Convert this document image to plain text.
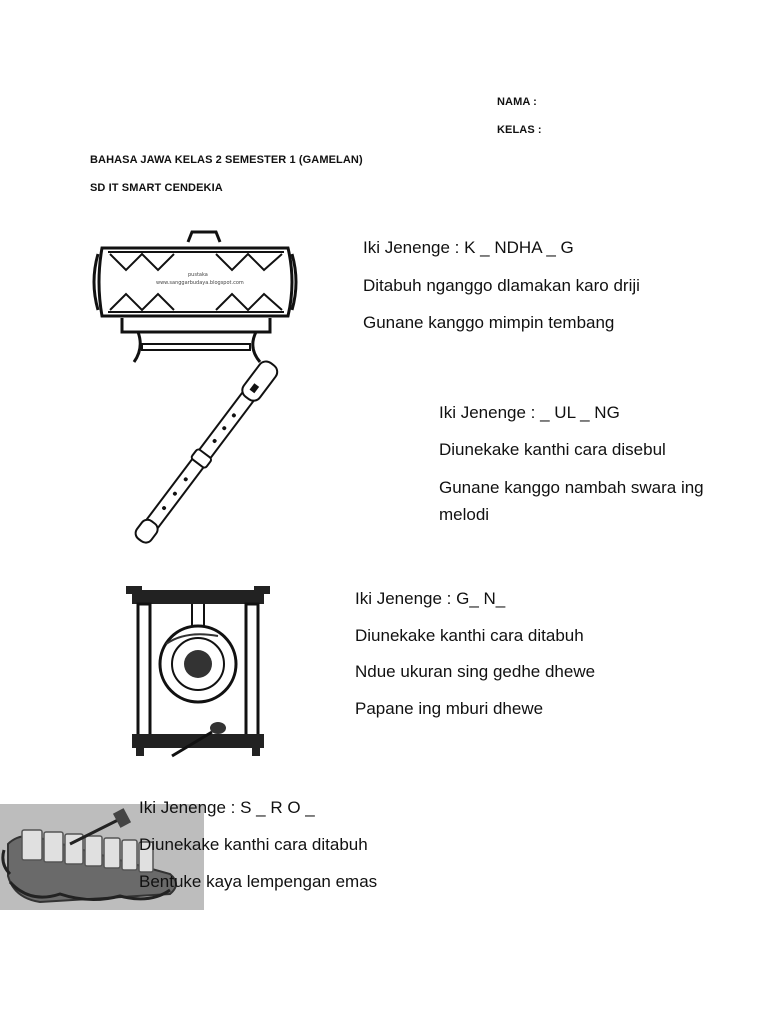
NAMA :
KELAS :
BAHASA JAWA KELAS 2 SEMESTER 1 (GAMELAN)
SD IT SMART CENDEKIA
pustaka
www.sanggarbudaya.blogspot.com
Iki Jenenge : K _ NDHA _ G
Ditabuh nganggo dlamakan karo driji
Gunane kanggo mimpin tembang
Iki Jenenge : _ UL _ NG
Diunekake kanthi cara disebul
Gunane kanggo nambah swara ing melodi
Iki Jenenge : G_ N_
Diunekake kanthi cara ditabuh
Ndue ukuran sing gedhe dhewe
Papane ing mburi dhewe
Iki Jenenge : S _ R O _
Diunekake kanthi cara ditabuh
Bentuke kaya lempengan emas
